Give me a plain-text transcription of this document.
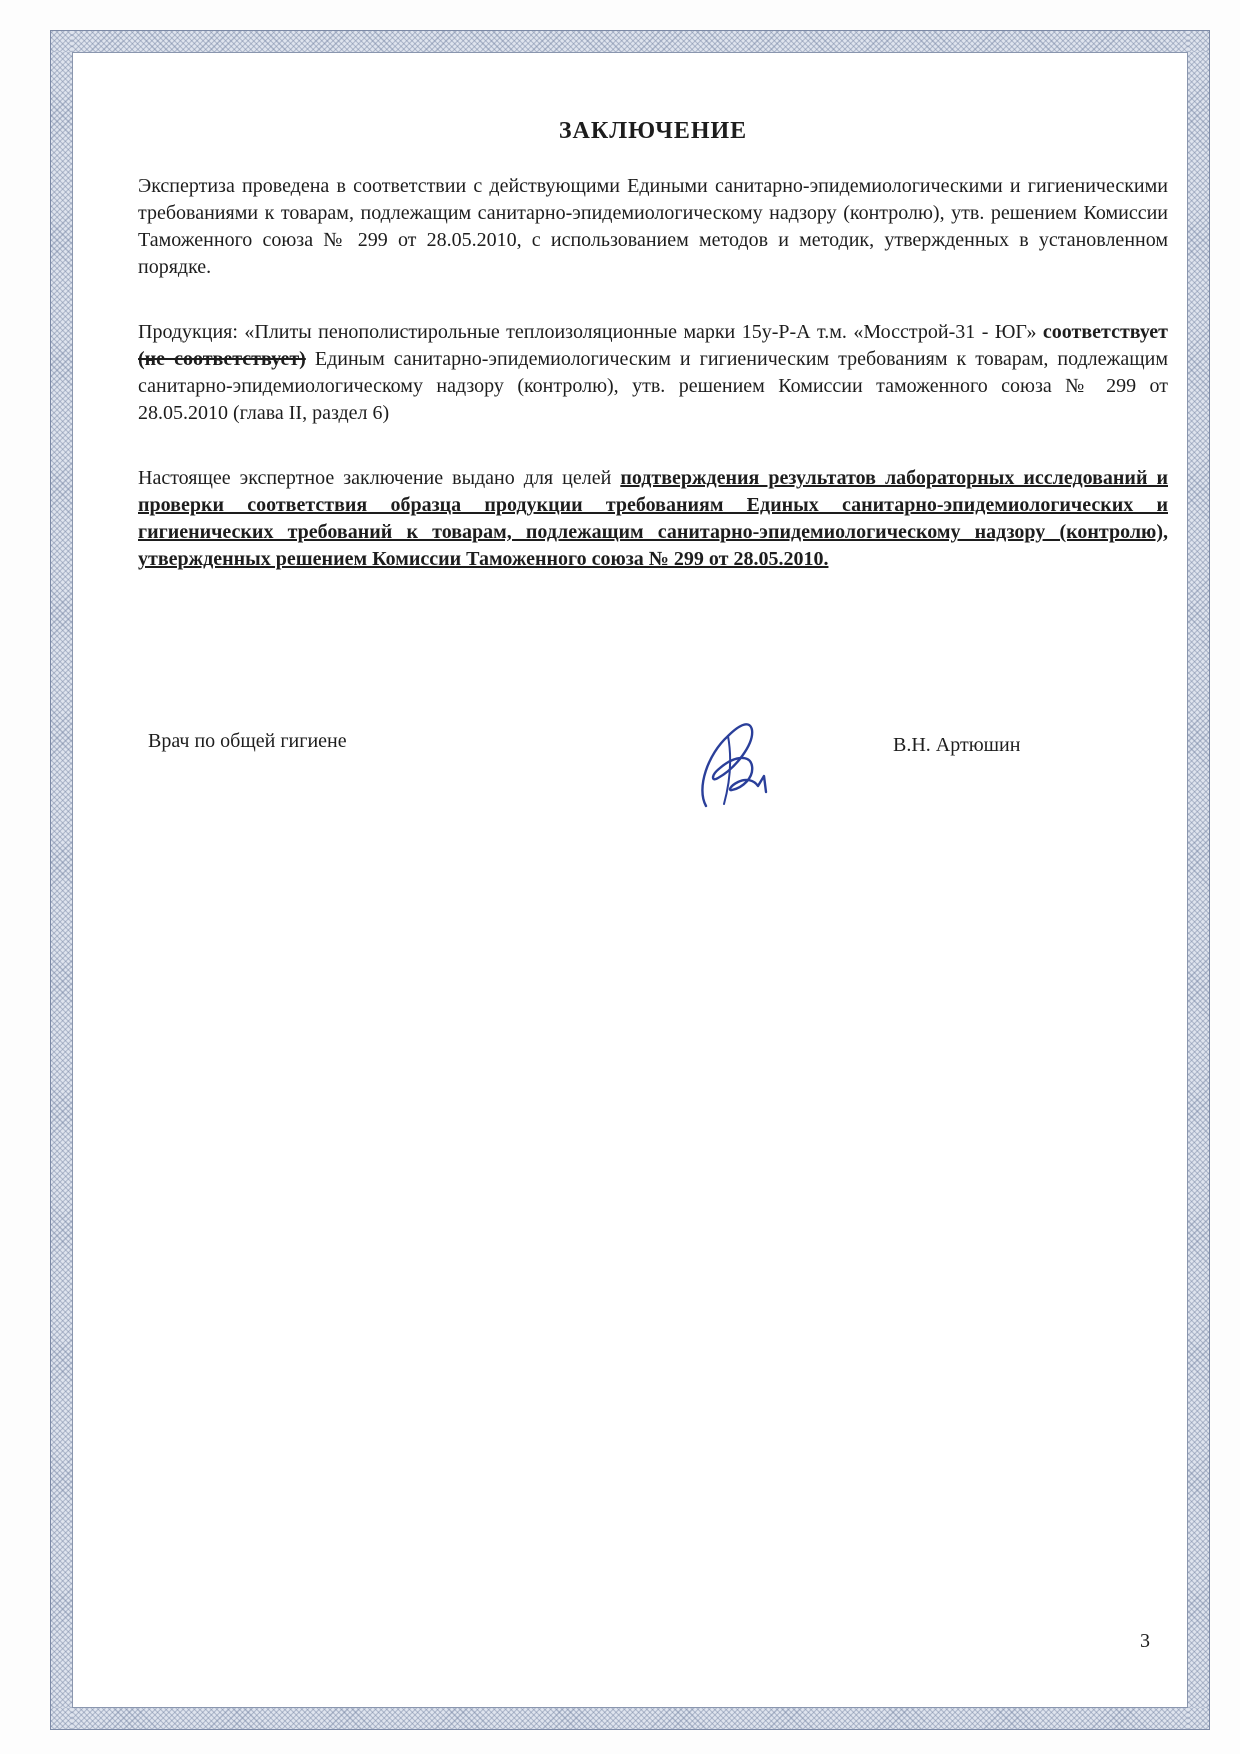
ЗАКЛЮЧЕНИЕ

Экспертиза проведена в соответствии с действующими Едиными санитарно-эпидемиологическими и гигиеническими требованиями к товарам, подлежащим санитарно-эпидемиологическому надзору (контролю), утв. решением Комиссии Таможенного союза № 299 от 28.05.2010, с использованием методов и методик, утвержденных в установленном порядке.

Продукция: «Плиты пенополистирольные теплоизоляционные марки 15у-Р-А т.м. «Мосстрой-31 - ЮГ» соответствует (не соответствует) Единым санитарно-эпидемиологическим и гигиеническим требованиям к товарам, подлежащим санитарно-эпидемиологическому надзору (контролю), утв. решением Комиссии таможенного союза № 299 от 28.05.2010 (глава II, раздел 6)

Настоящее экспертное заключение выдано для целей подтверждения результатов лабораторных исследований и проверки соответствия образца продукции требованиям Единых санитарно-эпидемиологических и гигиенических требований к товарам, подлежащим санитарно-эпидемиологическому надзору (контролю), утвержденных решением Комиссии Таможенного союза № 299 от 28.05.2010.

Врач по общей гигиене	В.Н. Артюшин
3
